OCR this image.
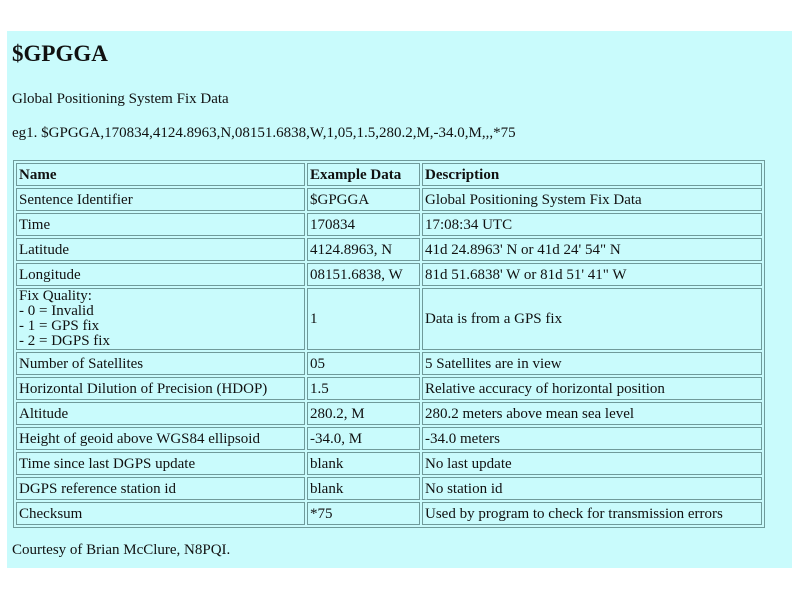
$GPGGA
Global Positioning System Fix Data
eg1. $GPGGA,170834,4124.8963,N,08151.6838,W,1,05,1.5,280.2,M,-34.0,M,,,*75
Name	Example Data	Description
Sentence Identifier	$GPGGA	Global Positioning System Fix Data
Time	170834	17:08:34 UTC
Latitude	4124.8963, N	41d 24.8963' N or 41d 24' 54" N
Longitude	08151.6838, W	81d 51.6838' W or 81d 51' 41" W

Fix Quality:
- 0 = Invalid
- 1 = GPS fix
- 2 = DGPS fix	1	Data is from a GPS fix
Number of Satellites	05	5 Satellites are in view
Horizontal Dilution of Precision (HDOP)	1.5	Relative accuracy of horizontal position
Altitude	280.2, M	280.2 meters above mean sea level
Height of geoid above WGS84 ellipsoid	-34.0, M	-34.0 meters
Time since last DGPS update	blank	No last update
DGPS reference station id	blank	No station id
Checksum	*75	Used by program to check for transmission errors
Courtesy of Brian McClure, N8PQI.
